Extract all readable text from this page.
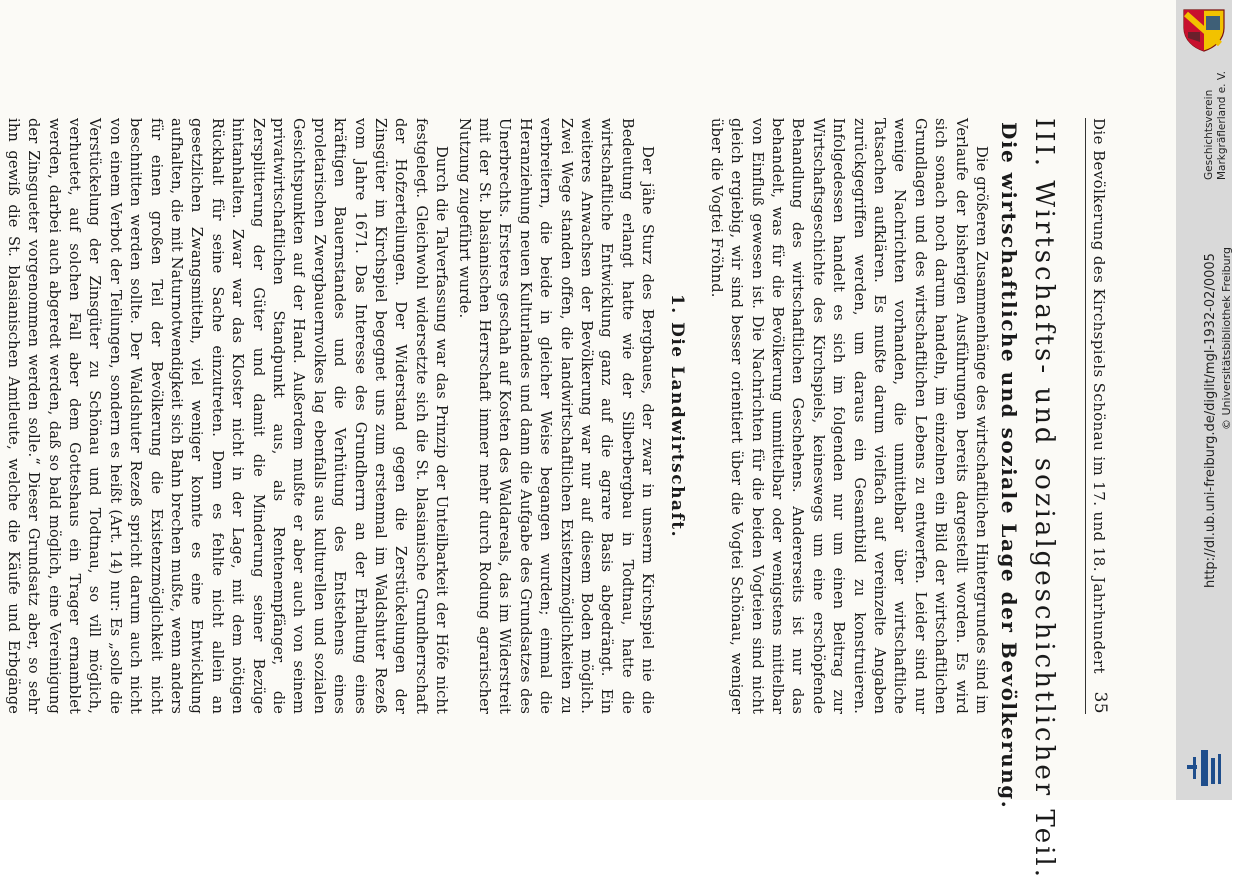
Die Bevölkerung des Kirchspiels Schönau im 17. und 18. Jahrhundert
35
III. Wirtschafts- und sozialgeschichtlicher Teil.
Die wirtschaftliche und soziale Lage der Bevölkerung.

Die größeren Zusammenhänge des wirtschaftlichen Hintergrundes sind im Verlaufe der bisherigen Ausführungen bereits dargestellt worden. Es wird sich sonach noch darum handeln, im einzelnen ein Bild der wirtschaftlichen Grundlagen und des wirtschaftlichen Lebens zu entwerfen. Leider sind nur wenige Nachrichten vorhanden, die unmittelbar über wirtschaftliche Tatsachen aufklären. Es mußte darum vielfach auf vereinzelte Angaben zurückgegriffen werden, um daraus ein Gesamtbild zu konstruieren. Infolgedessen handelt es sich im folgenden nur um einen Beitrag zur Wirtschaftsgeschichte des Kirchspiels, keineswegs um eine erschöpfende Behandlung des wirtschaftlichen Geschehens. Andererseits ist nur das behandelt, was für die Bevölkerung unmittelbar oder wenigstens mittelbar von Einfluß gewesen ist. Die Nachrichten für die beiden Vogteien sind nicht gleich ergiebig, wir sind besser orientiert über die Vogtei Schönau, weniger über die Vogtei Fröhnd.

1. Die Landwirtschaft.

Der jähe Sturz des Bergbaues, der zwar in unserm Kirchspiel nie die Bedeutung erlangt hatte wie der Silberbergbau in Todtnau, hatte die wirtschaftliche Entwicklung ganz auf die agrare Basis abgedrängt. Ein weiteres Anwachsen der Bevölkerung war nur auf diesem Boden möglich. Zwei Wege standen offen, die landwirtschaftlichen Existenzmöglichkeiten zu verbreitern, die beide in gleicher Weise begangen wurden; einmal die Heranziehung neuen Kulturlandes und dann die Aufgabe des Grundsatzes des Unerbrechts. Ersteres geschah auf Kosten des Waldareals, das im Widerstreit mit der St. blasianischen Herrschaft immer mehr durch Rodung agrarischer Nutzung zugeführt wurde.

Durch die Talverfassung war das Prinzip der Unteilbarkeit der Höfe nicht festgelegt. Gleichwohl widersetzte sich die St. blasianische Grundherrschaft der Hofzerteilungen. Der Widerstand gegen die Zerstückelungen der Zinsgüter im Kirchspiel begegnet uns zum erstenmal im Waldshuter Rezeß vom Jahre 1671. Das Interesse des Grundherrn an der Erhaltung eines kräftigen Bauernstandes und die Verhütung des Entstehens eines proletarischen Zwergbauernvolkes lag ebenfalls aus kulturellen und sozialen Gesichtspunkten auf der Hand. Außerdem mußte er aber auch von seinem privatwirtschaftlichen Standpunkt aus, als Rentenempfänger, die Zersplitterung der Güter und damit die Minderung seiner Bezüge hintanhalten. Zwar war das Kloster nicht in der Lage, mit dem nötigen Rückhalt für seine Sache einzutreten. Denn es fehlte nicht allein an gesetzlichen Zwangsmitteln, viel weniger konnte es eine Entwicklung aufhalten, die mit Naturnotwendigkeit sich Bahn brechen mußte, wenn anders für einen großen Teil der Bevölkerung die Existenzmöglichkeit nicht beschnitten werden sollte. Der Waldshuter Rezeß spricht darum auch nicht von einem Verbot der Teilungen, sondern es heißt (Art. 14) nur: Es „solle die Verstückelung der Zinsgüter zu Schönau und Todtnau, so vill möglich, verhuetet, auf solchen Fall aber dem Gotteshaus ein Trager ernamblet werden, darbei auch abgeredt werden, daß so bald möglich, eine Vereinigung der Zinsgueter vorgenommen werden solle.“ Dieser Grundsatz aber, so sehr ihn gewiß die St. blasianischen Amtleute, welche die Käufe und Erbgänge

Geschichtsverein Markgräflerland e. V.
http://dl.ub.uni-freiburg.de/diglit/mgl-1932-02/0005 © Universitätsbibliothek Freiburg
